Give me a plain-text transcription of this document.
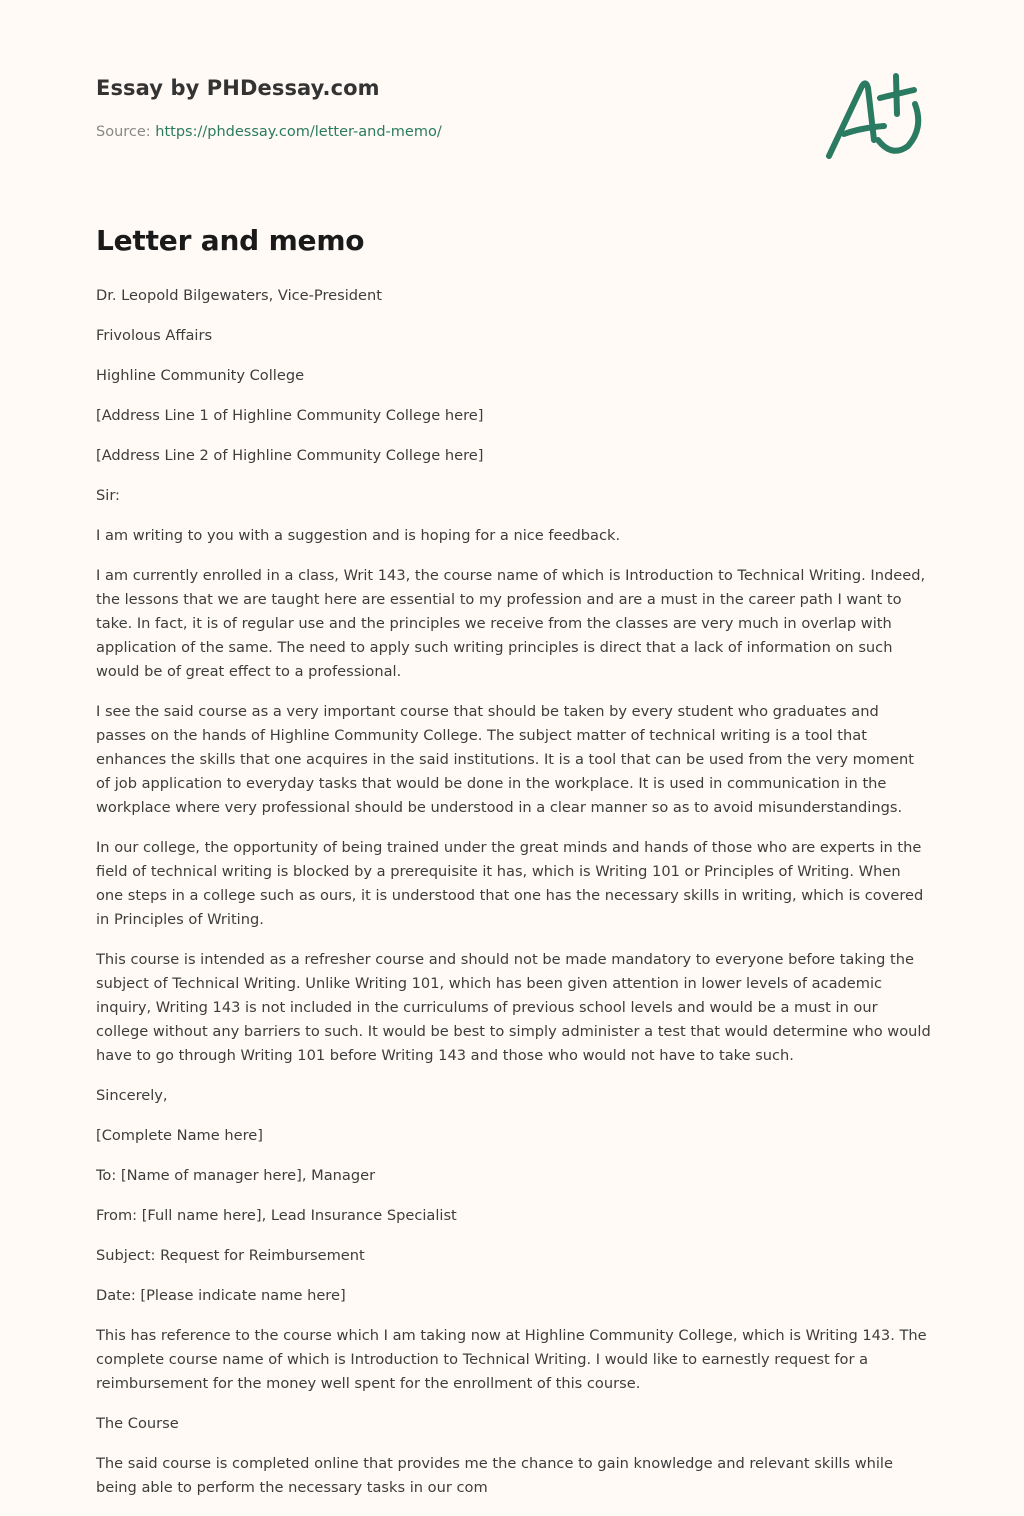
Essay by PHDessay.com
Source: https://phdessay.com/letter-and-memo/
Letter and memo

Dr. Leopold Bilgewaters, Vice-President

Frivolous Affairs

Highline Community College

[Address Line 1 of Highline Community College here]

[Address Line 2 of Highline Community College here]

Sir:

I am writing to you with a suggestion and is hoping for a nice feedback.

I am currently enrolled in a class, Writ 143, the course name of which is Introduction to Technical Writing. Indeed, the lessons that we are taught here are essential to my profession and are a must in the career path I want to take. In fact, it is of regular use and the principles we receive from the classes are very much in overlap with application of the same. The need to apply such writing principles is direct that a lack of information on such would be of great effect to a professional.

I see the said course as a very important course that should be taken by every student who graduates and passes on the hands of Highline Community College. The subject matter of technical writing is a tool that enhances the skills that one acquires in the said institutions. It is a tool that can be used from the very moment of job application to everyday tasks that would be done in the workplace. It is used in communication in the workplace where very professional should be understood in a clear manner so as to avoid misunderstandings.

In our college, the opportunity of being trained under the great minds and hands of those who are experts in the field of technical writing is blocked by a prerequisite it has, which is Writing 101 or Principles of Writing. When one steps in a college such as ours, it is understood that one has the necessary skills in writing, which is covered in Principles of Writing.

This course is intended as a refresher course and should not be made mandatory to everyone before taking the subject of Technical Writing. Unlike Writing 101, which has been given attention in lower levels of academic inquiry, Writing 143 is not included in the curriculums of previous school levels and would be a must in our college without any barriers to such. It would be best to simply administer a test that would determine who would have to go through Writing 101 before Writing 143 and those who would not have to take such.

Sincerely,

[Complete Name here]

To: [Name of manager here], Manager

From: [Full name here], Lead Insurance Specialist

Subject: Request for Reimbursement

Date: [Please indicate name here]

This has reference to the course which I am taking now at Highline Community College, which is Writing 143. The complete course name of which is Introduction to Technical Writing. I would like to earnestly request for a reimbursement for the money well spent for the enrollment of this course.

The Course

The said course is completed online that provides me the chance to gain knowledge and relevant skills while being able to perform the necessary tasks in our com
